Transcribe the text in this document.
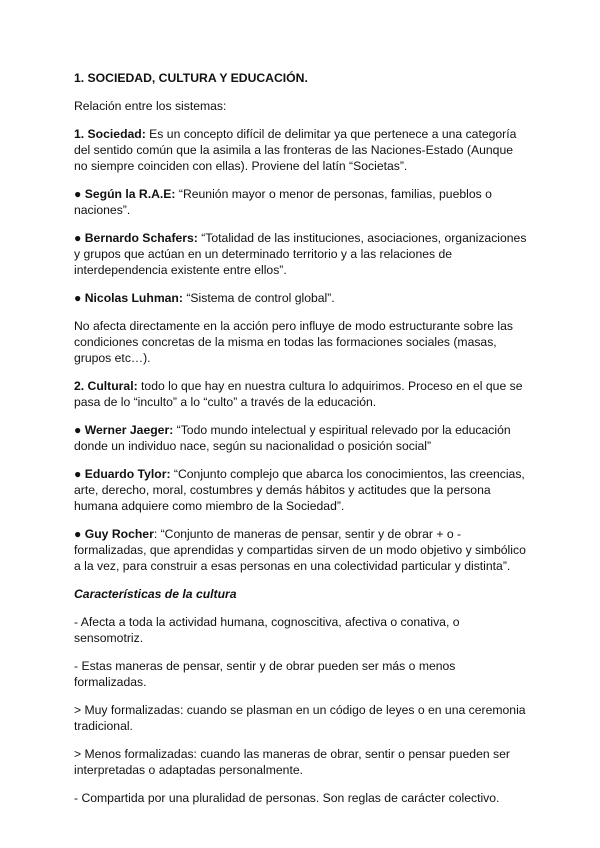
1. SOCIEDAD, CULTURA Y EDUCACIÓN.

Relación entre los sistemas:

1. Sociedad: Es un concepto difícil de delimitar ya que pertenece a una categoría del sentido común que la asimila a las fronteras de las Naciones-Estado (Aunque no siempre coinciden con ellas). Proviene del latín “Societas”.

● Según la R.A.E: “Reunión mayor o menor de personas, familias, pueblos o naciones”.

● Bernardo Schafers: “Totalidad de las instituciones, asociaciones, organizaciones y grupos que actúan en un determinado territorio y a las relaciones de interdependencia existente entre ellos”.

● Nicolas Luhman: “Sistema de control global”.

No afecta directamente en la acción pero influye de modo estructurante sobre las condiciones concretas de la misma en todas las formaciones sociales (masas, grupos etc…).

2. Cultural: todo lo que hay en nuestra cultura lo adquirimos. Proceso en el que se pasa de lo “inculto” a lo “culto” a través de la educación.

● Werner Jaeger: “Todo mundo intelectual y espiritual relevado por la educación donde un individuo nace, según su nacionalidad o posición social”

● Eduardo Tylor: “Conjunto complejo que abarca los conocimientos, las creencias, arte, derecho, moral, costumbres y demás hábitos y actitudes que la persona humana adquiere como miembro de la Sociedad”.

● Guy Rocher: “Conjunto de maneras de pensar, sentir y de obrar + o - formalizadas, que aprendidas y compartidas sirven de un modo objetivo y simbólico a la vez, para construir a esas personas en una colectividad particular y distinta”.

Características de la cultura

- Afecta a toda la actividad humana, cognoscitiva, afectiva o conativa, o sensomotriz.

- Estas maneras de pensar, sentir y de obrar pueden ser más o menos formalizadas.

> Muy formalizadas: cuando se plasman en un código de leyes o en una ceremonia tradicional.

> Menos formalizadas: cuando las maneras de obrar, sentir o pensar pueden ser interpretadas o adaptadas personalmente.

- Compartida por una pluralidad de personas. Son reglas de carácter colectivo.
